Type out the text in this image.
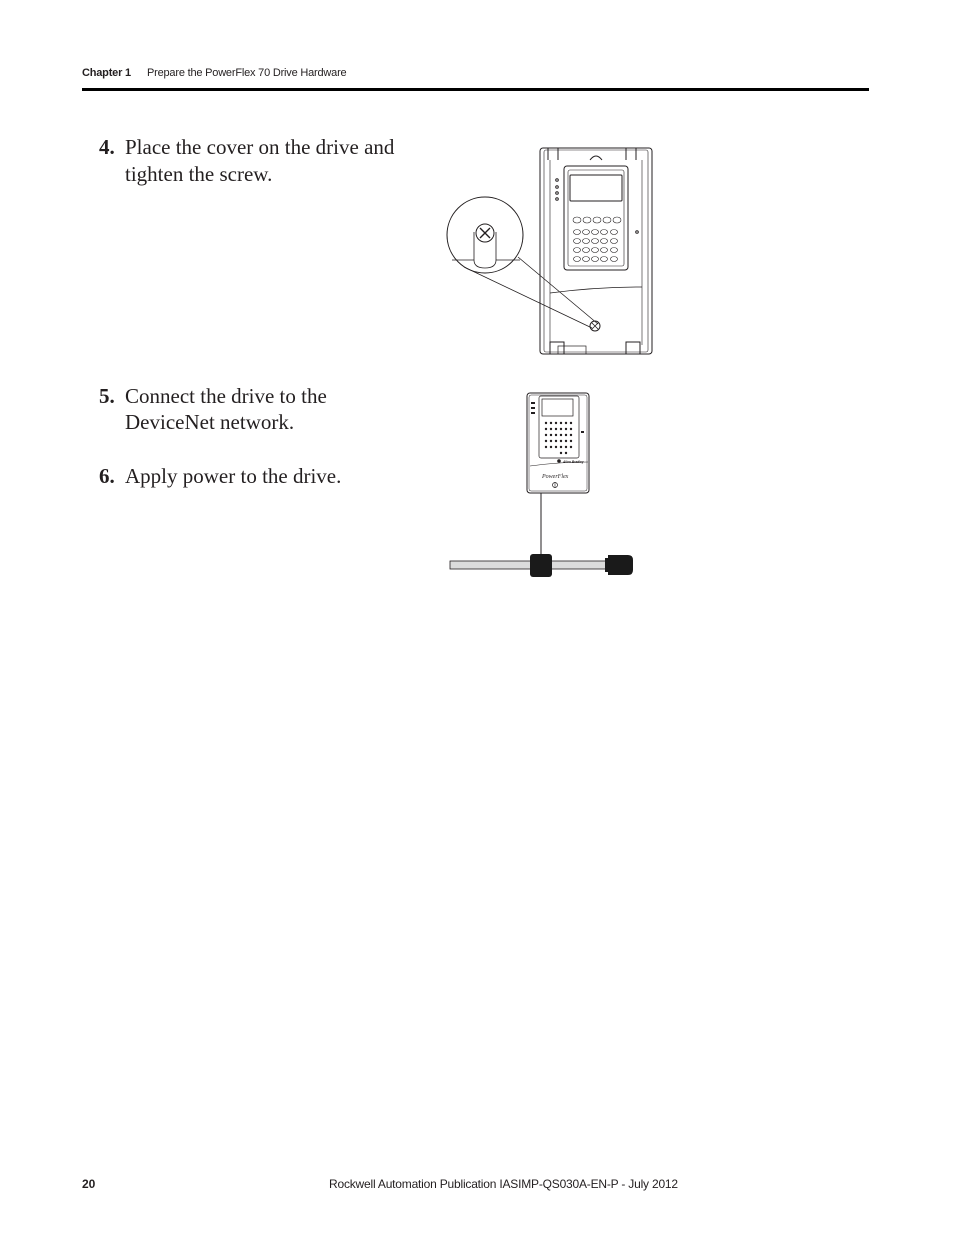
Chapter 1 Prepare the PowerFlex 70 Drive Hardware
4. Place the cover on the drive and
tighten the screw.
5. Connect the drive to the
DeviceNet network.
6. Apply power to the drive.
Allen-Bradley
PowerFlex
20	Rockwell Automation Publication IASIMP-QS030A-EN-P - July 2012
